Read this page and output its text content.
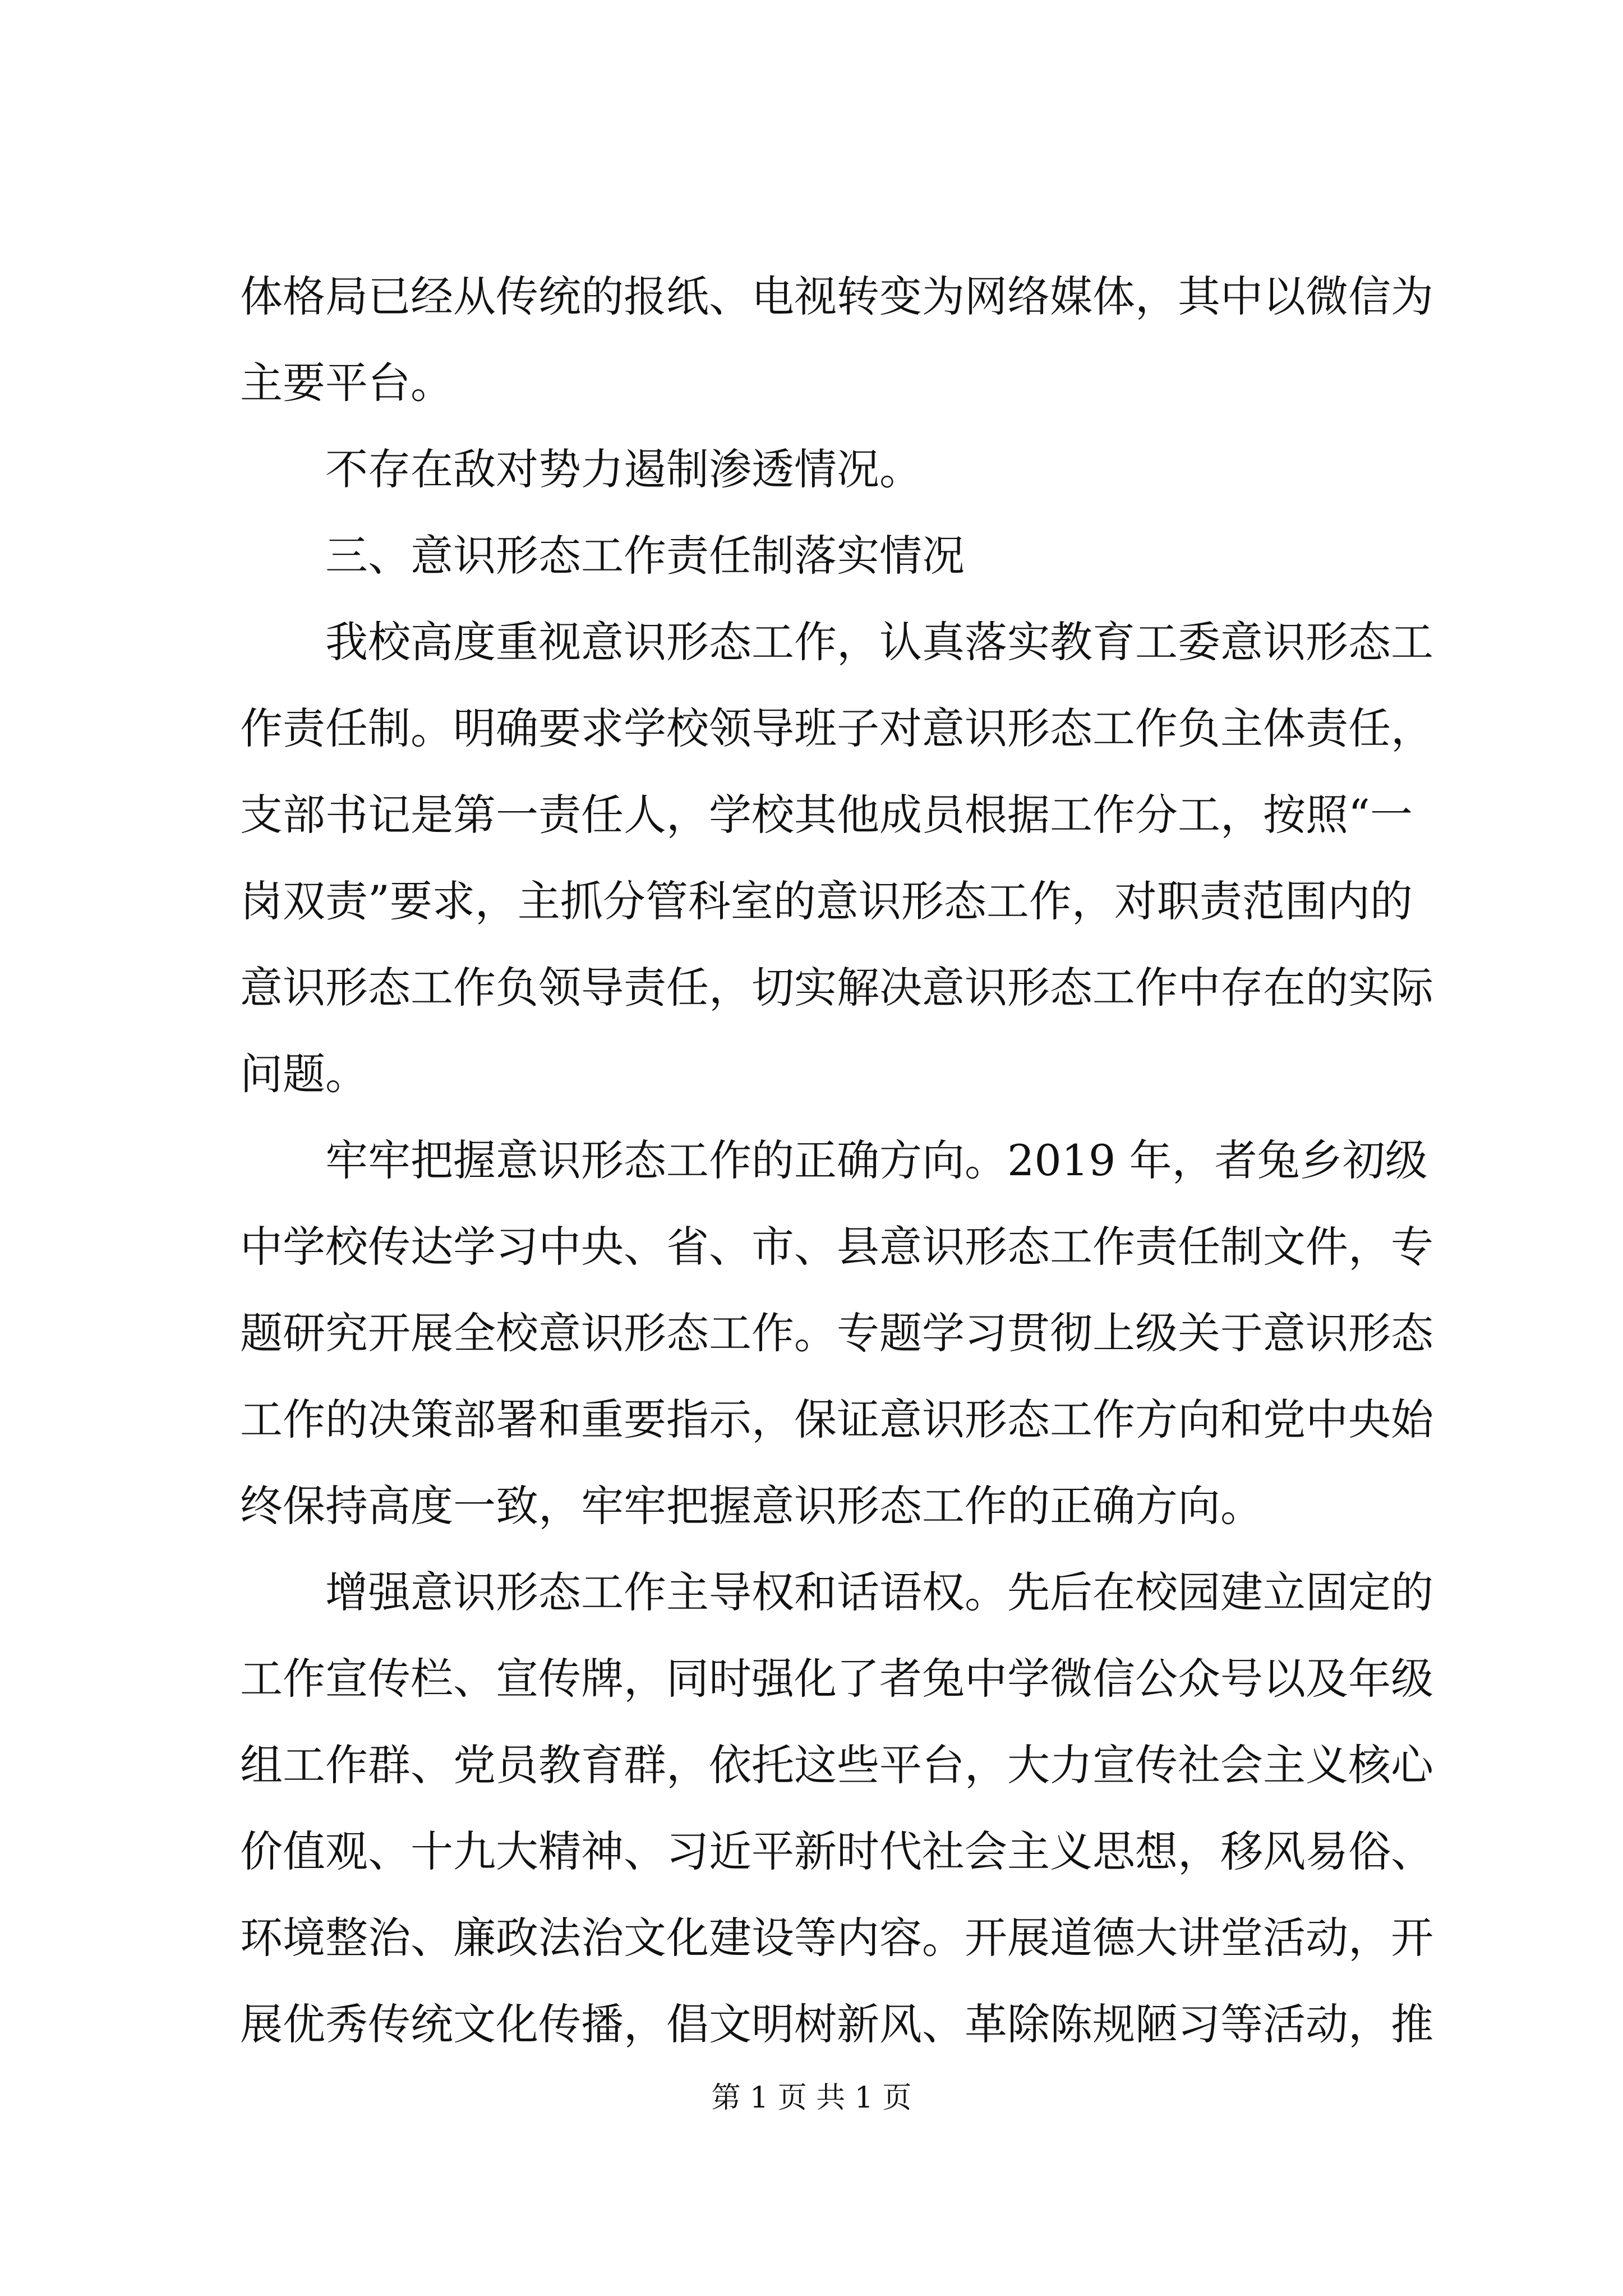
体格局已经从传统的报纸、电视转变为网络媒体，其中以微信为
主要平台。
　　不存在敌对势力遏制渗透情况。
　　三、意识形态工作责任制落实情况
　　我校高度重视意识形态工作，认真落实教育工委意识形态工
作责任制。明确要求学校领导班子对意识形态工作负主体责任，
支部书记是第一责任人，学校其他成员根据工作分工，按照“一
岗双责”要求，主抓分管科室的意识形态工作，对职责范围内的
意识形态工作负领导责任，切实解决意识形态工作中存在的实际
问题。
　　牢牢把握意识形态工作的正确方向。2019 年，者兔乡初级
中学校传达学习中央、省、市、县意识形态工作责任制文件，专
题研究开展全校意识形态工作。专题学习贯彻上级关于意识形态
工作的决策部署和重要指示，保证意识形态工作方向和党中央始
终保持高度一致，牢牢把握意识形态工作的正确方向。
　　增强意识形态工作主导权和话语权。先后在校园建立固定的
工作宣传栏、宣传牌，同时强化了者兔中学微信公众号以及年级
组工作群、党员教育群，依托这些平台，大力宣传社会主义核心
价值观、十九大精神、习近平新时代社会主义思想，移风易俗、
环境整治、廉政法治文化建设等内容。开展道德大讲堂活动，开
展优秀传统文化传播，倡文明树新风、革除陈规陋习等活动，推
第 1 页 共 1 页
